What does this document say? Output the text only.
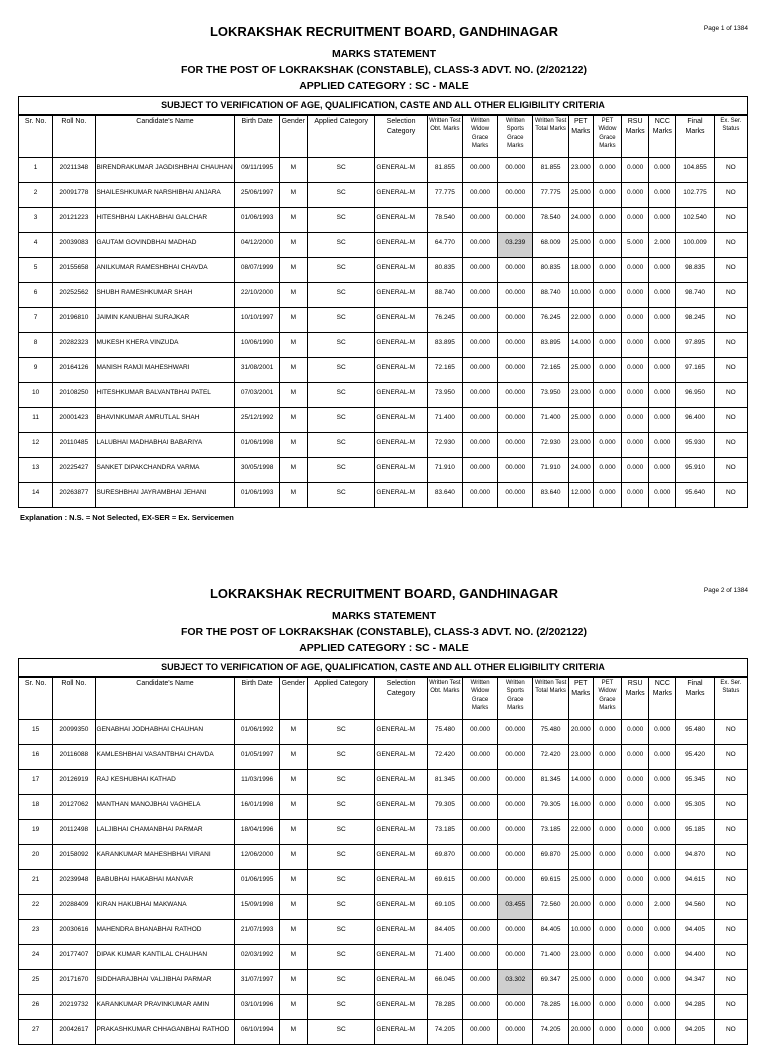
Page 1 of 1384
LOKRAKSHAK RECRUITMENT BOARD, GANDHINAGAR
MARKS STATEMENT
FOR THE POST OF LOKRAKSHAK (CONSTABLE), CLASS-3 ADVT. NO. (2/202122)
APPLIED CATEGORY : SC - MALE
SUBJECT TO VERIFICATION OF AGE, QUALIFICATION, CASTE AND ALL OTHER ELIGIBILITY CRITERIA
Sr. No.	Roll No.	Candidate's Name	Birth Date	Gender	Applied Category	Selection Category	Written Test Obt. Marks	Written Widow Grace Marks	Written Sports Grace Marks	Written Test Total Marks	PET Marks	PET Widow Grace Marks	RSU Marks	NCC Marks	Final Marks	Ex. Ser. Status
1	20211348	BIRENDRAKUMAR JAGDISHBHAI CHAUHAN	09/11/1995	M	SC	GENERAL-M	81.855	00.000	00.000	81.855	23.000	0.000	0.000	0.000	104.855	NO
2	20091778	SHAILESHKUMAR NARSHIBHAI ANJARA	25/06/1997	M	SC	GENERAL-M	77.775	00.000	00.000	77.775	25.000	0.000	0.000	0.000	102.775	NO
3	20121223	HITESHBHAI LAKHABHAI GALCHAR	01/06/1993	M	SC	GENERAL-M	78.540	00.000	00.000	78.540	24.000	0.000	0.000	0.000	102.540	NO
4	20039083	GAUTAM GOVINDBHAI MADHAD	04/12/2000	M	SC	GENERAL-M	64.770	00.000	03.239	68.009	25.000	0.000	5.000	2.000	100.009	NO
5	20155658	ANILKUMAR RAMESHBHAI CHAVDA	08/07/1999	M	SC	GENERAL-M	80.835	00.000	00.000	80.835	18.000	0.000	0.000	0.000	98.835	NO
6	20252562	SHUBH RAMESHKUMAR SHAH	22/10/2000	M	SC	GENERAL-M	88.740	00.000	00.000	88.740	10.000	0.000	0.000	0.000	98.740	NO
7	20196810	JAIMIN KANUBHAI SURAJKAR	10/10/1997	M	SC	GENERAL-M	76.245	00.000	00.000	76.245	22.000	0.000	0.000	0.000	98.245	NO
8	20282323	MUKESH KHERA VINZUDA	10/06/1990	M	SC	GENERAL-M	83.895	00.000	00.000	83.895	14.000	0.000	0.000	0.000	97.895	NO
9	20164126	MANISH RAMJI MAHESHWARI	31/08/2001	M	SC	GENERAL-M	72.165	00.000	00.000	72.165	25.000	0.000	0.000	0.000	97.165	NO
10	20108250	HITESHKUMAR BALVANTBHAI PATEL	07/03/2001	M	SC	GENERAL-M	73.950	00.000	00.000	73.950	23.000	0.000	0.000	0.000	96.950	NO
11	20001423	BHAVINKUMAR AMRUTLAL SHAH	25/12/1992	M	SC	GENERAL-M	71.400	00.000	00.000	71.400	25.000	0.000	0.000	0.000	96.400	NO
12	20110485	LALUBHAI MADHABHAI BABARIYA	01/06/1998	M	SC	GENERAL-M	72.930	00.000	00.000	72.930	23.000	0.000	0.000	0.000	95.930	NO
13	20225427	SANKET DIPAKCHANDRA VARMA	30/05/1998	M	SC	GENERAL-M	71.910	00.000	00.000	71.910	24.000	0.000	0.000	0.000	95.910	NO
14	20263877	SURESHBHAI JAYRAMBHAI JEHANI	01/06/1993	M	SC	GENERAL-M	83.640	00.000	00.000	83.640	12.000	0.000	0.000	0.000	95.640	NO
Explanation : N.S. = Not Selected, EX-SER = Ex. Servicemen
Page 2 of 1384
LOKRAKSHAK RECRUITMENT BOARD, GANDHINAGAR
MARKS STATEMENT
FOR THE POST OF LOKRAKSHAK (CONSTABLE), CLASS-3 ADVT. NO. (2/202122)
APPLIED CATEGORY : SC - MALE
SUBJECT TO VERIFICATION OF AGE, QUALIFICATION, CASTE AND ALL OTHER ELIGIBILITY CRITERIA
Sr. No.	Roll No.	Candidate's Name	Birth Date	Gender	Applied Category	Selection Category	Written Test Obt. Marks	Written Widow Grace Marks	Written Sports Grace Marks	Written Test Total Marks	PET Marks	PET Widow Grace Marks	RSU Marks	NCC Marks	Final Marks	Ex. Ser. Status
15	20099350	GENABHAI JODHABHAI CHAUHAN	01/06/1992	M	SC	GENERAL-M	75.480	00.000	00.000	75.480	20.000	0.000	0.000	0.000	95.480	NO
16	20116088	KAMLESHBHAI VASANTBHAI CHAVDA	01/05/1997	M	SC	GENERAL-M	72.420	00.000	00.000	72.420	23.000	0.000	0.000	0.000	95.420	NO
17	20126919	RAJ KESHUBHAI KATHAD	11/03/1996	M	SC	GENERAL-M	81.345	00.000	00.000	81.345	14.000	0.000	0.000	0.000	95.345	NO
18	20127062	MANTHAN MANOJBHAI VAGHELA	16/01/1998	M	SC	GENERAL-M	79.305	00.000	00.000	79.305	16.000	0.000	0.000	0.000	95.305	NO
19	20112498	LALJIBHAI CHAMANBHAI PARMAR	18/04/1996	M	SC	GENERAL-M	73.185	00.000	00.000	73.185	22.000	0.000	0.000	0.000	95.185	NO
20	20158092	KARANKUMAR MAHESHBHAI VIRANI	12/06/2000	M	SC	GENERAL-M	69.870	00.000	00.000	69.870	25.000	0.000	0.000	0.000	94.870	NO
21	20239948	BABUBHAI HAKABHAI MANVAR	01/06/1995	M	SC	GENERAL-M	69.615	00.000	00.000	69.615	25.000	0.000	0.000	0.000	94.615	NO
22	20288409	KIRAN HAKUBHAI MAKWANA	15/09/1998	M	SC	GENERAL-M	69.105	00.000	03.455	72.560	20.000	0.000	0.000	2.000	94.560	NO
23	20030616	MAHENDRA BHANABHAI RATHOD	21/07/1993	M	SC	GENERAL-M	84.405	00.000	00.000	84.405	10.000	0.000	0.000	0.000	94.405	NO
24	20177407	DIPAK KUMAR KANTILAL CHAUHAN	02/03/1992	M	SC	GENERAL-M	71.400	00.000	00.000	71.400	23.000	0.000	0.000	0.000	94.400	NO
25	20171670	SIDDHARAJBHAI VALJIBHAI PARMAR	31/07/1997	M	SC	GENERAL-M	66.045	00.000	03.302	69.347	25.000	0.000	0.000	0.000	94.347	NO
26	20219732	KARANKUMAR PRAVINKUMAR AMIN	03/10/1996	M	SC	GENERAL-M	78.285	00.000	00.000	78.285	16.000	0.000	0.000	0.000	94.285	NO
27	20042617	PRAKASHKUMAR CHHAGANBHAI RATHOD	06/10/1994	M	SC	GENERAL-M	74.205	00.000	00.000	74.205	20.000	0.000	0.000	0.000	94.205	NO
